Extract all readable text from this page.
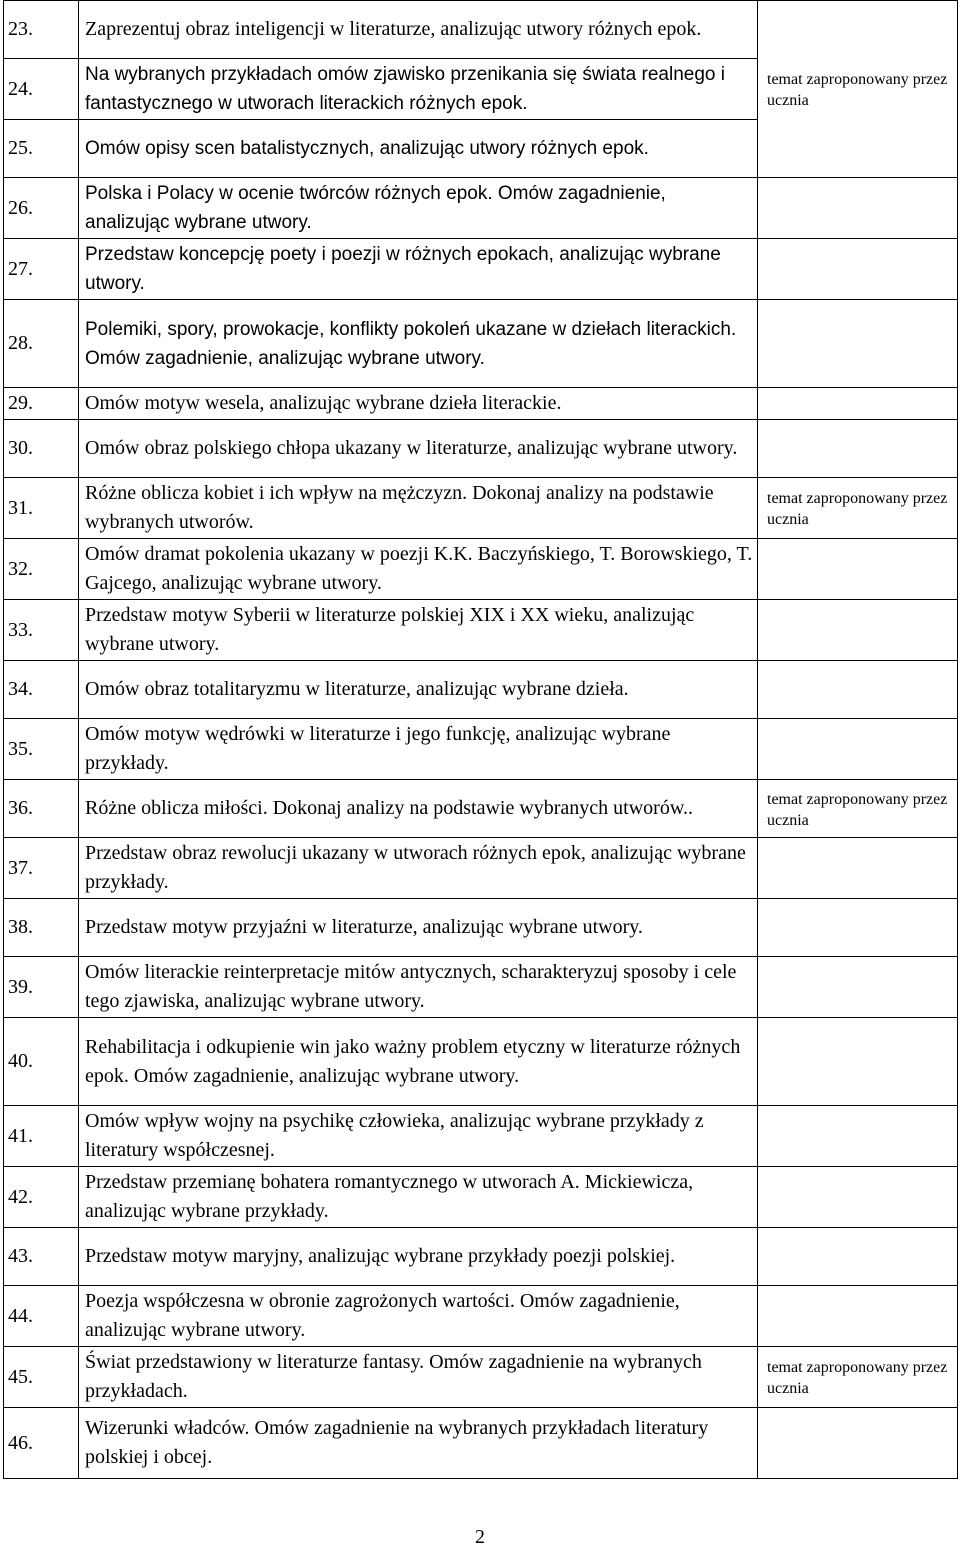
23.	Zaprezentuj obraz inteligencji w literaturze, analizując utwory różnych epok.	temat zaproponowany przez ucznia

24.	Na wybranych przykładach omów zjawisko przenikania się świata realnego i fantastycznego w utworach literackich różnych epok.	
25.	Omów opisy scen batalistycznych, analizując utwory różnych epok.	
26.	Polska i Polacy w ocenie twórców różnych epok. Omów zagadnienie, analizując wybrane utwory.	
27.	Przedstaw koncepcję poety i poezji w różnych epokach, analizując wybrane utwory.	
28.	Polemiki, spory, prowokacje, konflikty pokoleń ukazane w dziełach literackich. Omów zagadnienie, analizując wybrane utwory.	
29.	Omów motyw wesela, analizując wybrane dzieła literackie.	
30.	Omów obraz polskiego chłopa ukazany w literaturze, analizując wybrane utwory.	
31.	Różne oblicza kobiet i ich wpływ na mężczyzn. Dokonaj analizy na podstawie wybranych utworów.	temat zaproponowany przez ucznia

32.	Omów dramat pokolenia ukazany w poezji K.K. Baczyńskiego, T. Borowskiego, T. Gajcego, analizując wybrane utwory.	
33.	Przedstaw motyw Syberii w literaturze polskiej XIX i XX wieku, analizując wybrane utwory.	
34.	Omów obraz totalitaryzmu w literaturze, analizując wybrane dzieła.	
35.	Omów motyw wędrówki w literaturze i jego funkcję, analizując wybrane przykłady.	
36.	Różne oblicza miłości. Dokonaj analizy na podstawie wybranych utworów..	temat zaproponowany przez ucznia

37.	Przedstaw obraz rewolucji ukazany w utworach różnych epok, analizując wybrane przykłady.	
38.	Przedstaw motyw przyjaźni w literaturze, analizując wybrane utwory.	
39.	Omów literackie reinterpretacje mitów antycznych, scharakteryzuj sposoby i cele tego zjawiska, analizując wybrane utwory.	
40.	Rehabilitacja i odkupienie win jako ważny problem etyczny w literaturze różnych epok. Omów zagadnienie, analizując wybrane utwory.	
41.	Omów wpływ wojny na psychikę człowieka, analizując wybrane przykłady z literatury współczesnej.	
42.	Przedstaw przemianę bohatera romantycznego w utworach A. Mickiewicza, analizując wybrane przykłady.	
43.	Przedstaw motyw maryjny, analizując wybrane przykłady poezji polskiej.	
44.	Poezja współczesna w obronie zagrożonych wartości. Omów zagadnienie, analizując wybrane utwory.	
45.	Świat przedstawiony w literaturze fantasy. Omów zagadnienie na wybranych przykładach.	temat zaproponowany przez ucznia

46.	Wizerunki władców. Omów zagadnienie na wybranych przykładach literatury polskiej i obcej.	
2
